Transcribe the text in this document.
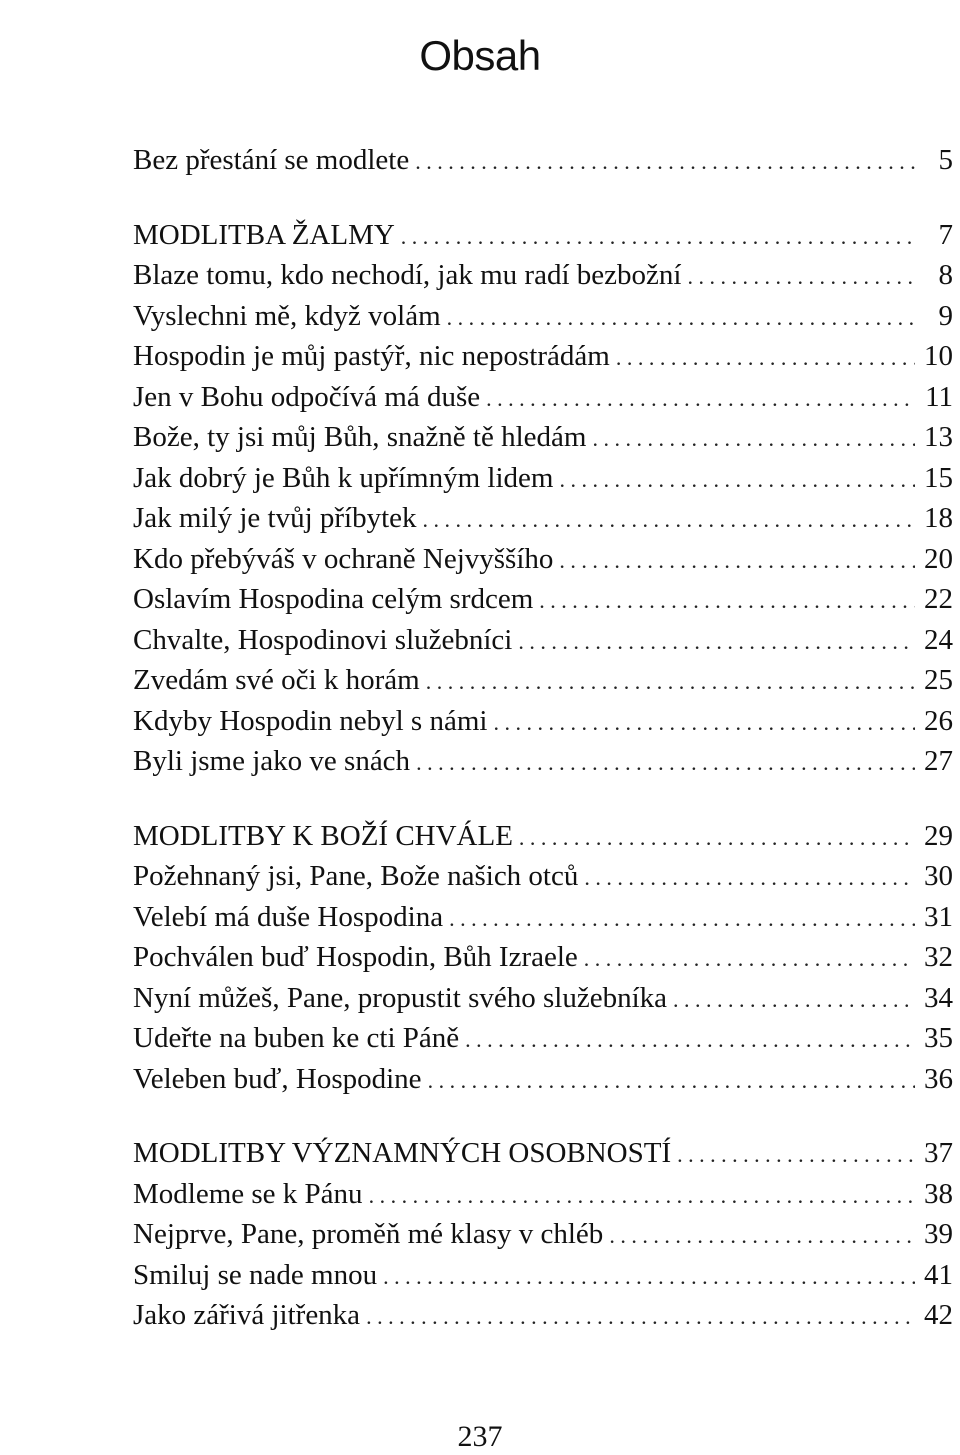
Obsah
Bez přestání se modlete . . .	5
MODLITBA ŽALMY . . .	7
Blaze tomu, kdo nechodí, jak mu radí bezbožní . . .	8
Vyslechni mě, když volám . . .	9
Hospodin je můj pastýř, nic nepostrádám . . .	10
Jen v Bohu odpočívá má duše . . .	11
Bože, ty jsi můj Bůh, snažně tě hledám . . .	13
Jak dobrý je Bůh k upřímným lidem . . .	15
Jak milý je tvůj příbytek . . .	18
Kdo přebýváš v ochraně Nejvyššího . . .	20
Oslavím Hospodina celým srdcem . . .	22
Chvalte, Hospodinovi služebníci . . .	24
Zvedám své oči k horám . . .	25
Kdyby Hospodin nebyl s námi . . .	26
Byli jsme jako ve snách . . .	27
MODLITBY K BOŽÍ CHVÁLE . . .	29
Požehnaný jsi, Pane, Bože našich otců . . .	30
Velebí má duše Hospodina . . .	31
Pochválen buď Hospodin, Bůh Izraele . . .	32
Nyní můžeš, Pane, propustit svého služebníka . . .	34
Udeřte na buben ke cti Páně . . .	35
Veleben buď, Hospodine . . .	36
MODLITBY VÝZNAMNÝCH OSOBNOSTÍ . . .	37
Modleme se k Pánu . . .	38
Nejprve, Pane, proměň mé klasy v chléb . . .	39
Smiluj se nade mnou . . .	41
Jako zářivá jitřenka . . .	42
237
